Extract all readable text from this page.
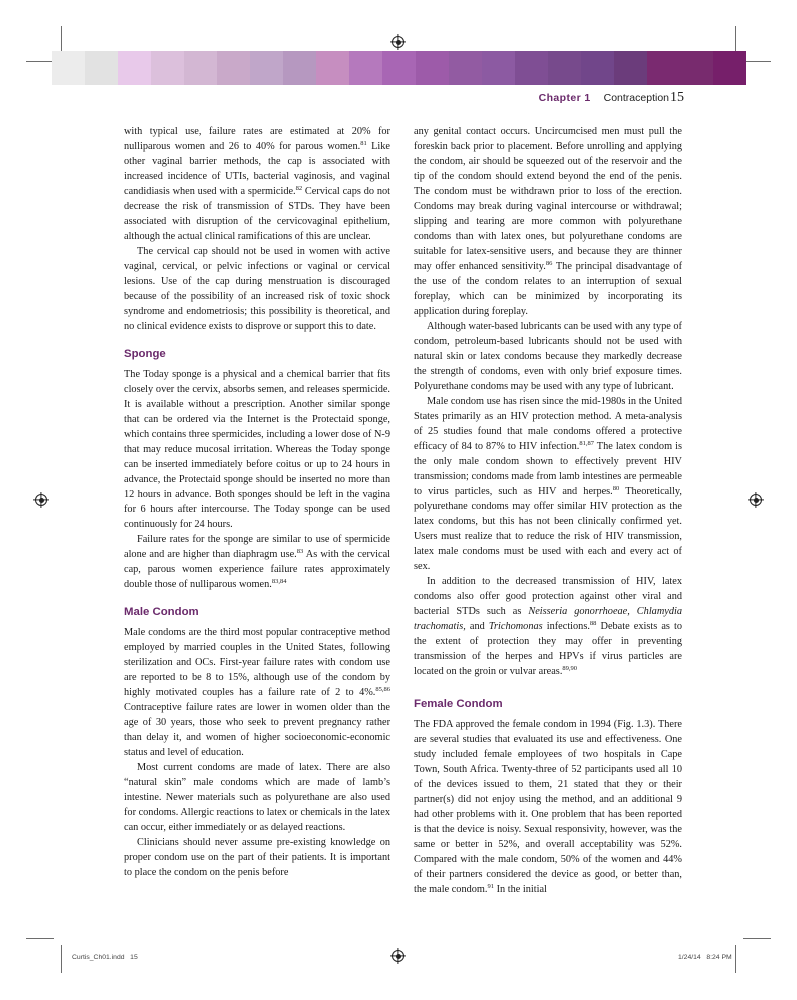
Chapter 1 Contraception 15

with typical use, failure rates are estimated at 20% for nulliparous women and 26 to 40% for parous women.$^{81}$ Like other vaginal barrier methods, the cap is associated with increased incidence of UTIs, bacterial vaginosis, and vaginal candidiasis when used with a spermicide.$^{82}$ Cervical caps do not decrease the risk of transmission of STDs. They have been associated with disruption of the cervicovaginal epithelium, although the actual clinical ramifications of this are unclear.

The cervical cap should not be used in women with active vaginal, cervical, or pelvic infections or vaginal or cervical lesions. Use of the cap during menstruation is discouraged because of the possibility of an increased risk of toxic shock syndrome and endometriosis; this possibility is theoretical, and no clinical evidence exists to disprove or support this to date.

Sponge

The Today sponge is a physical and a chemical barrier that fits closely over the cervix, absorbs semen, and releases spermicide. It is available without a prescription. Another similar sponge that can be ordered via the Internet is the Protectaid sponge, which contains three spermicides, including a lower dose of N-9 that may reduce mucosal irritation. Whereas the Today sponge can be inserted immediately before coitus or up to 24 hours in advance, the Protectaid sponge should be inserted no more than 12 hours in advance. Both sponges should be left in the vagina for 6 hours after intercourse. The Today sponge can be used continuously for 24 hours.

Failure rates for the sponge are similar to use of spermicide alone and are higher than diaphragm use.$^{83}$ As with the cervical cap, parous women experience failure rates approximately double those of nulliparous women.$^{83,84}$

Male Condom

Male condoms are the third most popular contraceptive method employed by married couples in the United States, following sterilization and OCs. First-year failure rates with condom use are reported to be 8 to 15%, although use of the condom by highly motivated couples has a failure rate of 2 to 4%.$^{85,86}$ Contraceptive failure rates are lower in women older than the age of 30 years, those who seek to prevent pregnancy rather than delay it, and women of higher socioeconomic-economic status and level of education.

Most current condoms are made of latex. There are also “natural skin” male condoms which are made of lamb’s intestine. Newer materials such as polyurethane are also used for condoms. Allergic reactions to latex or chemicals in the latex can occur, either immediately or as delayed reactions.

Clinicians should never assume pre-existing knowledge on proper condom use on the part of their patients. It is important to place the condom on the penis before

any genital contact occurs. Uncircumcised men must pull the foreskin back prior to placement. Before unrolling and applying the condom, air should be squeezed out of the reservoir and the tip of the condom should extend beyond the end of the penis. The condom must be withdrawn prior to loss of the erection. Condoms may break during vaginal intercourse or withdrawal; slipping and tearing are more common with polyurethane condoms than with latex ones, but polyurethane condoms are suitable for latex-sensitive users, and because they are thinner may offer enhanced sensitivity.$^{86}$ The principal disadvantage of the use of the condom relates to an interruption of sexual foreplay, which can be minimized by incorporating its application during foreplay.

Although water-based lubricants can be used with any type of condom, petroleum-based lubricants should not be used with natural skin or latex condoms because they markedly decrease the strength of condoms, even with only brief exposure times. Polyurethane condoms may be used with any type of lubricant.

Male condom use has risen since the mid-1980s in the United States primarily as an HIV protection method. A meta-analysis of 25 studies found that male condoms offered a protective efficacy of 84 to 87% to HIV infection.$^{81,87}$ The latex condom is the only male condom shown to effectively prevent HIV transmission; condoms made from lamb intestines are permeable to virus particles, such as HIV and herpes.$^{80}$ Theoretically, polyurethane condoms may offer similar HIV protection as the latex condoms, but this has not been clinically confirmed yet. Users must realize that to reduce the risk of HIV transmission, latex male condoms must be used with each and every act of sex.

In addition to the decreased transmission of HIV, latex condoms also offer good protection against other viral and bacterial STDs such as Neisseria gonorrhoeae, Chlamydia trachomatis, and Trichomonas infections.$^{88}$ Debate exists as to the extent of protection they may offer in preventing transmission of the herpes and HPVs if virus particles are located on the groin or vulvar areas.$^{89,90}$

Female Condom

The FDA approved the female condom in 1994 (Fig. 1.3). There are several studies that evaluated its use and effectiveness. One study included female employees of two hospitals in Cape Town, South Africa. Twenty-three of 52 participants used all 10 of the devices issued to them, 21 stated that they or their partner(s) did not enjoy using the method, and an additional 9 had other problems with it. One problem that has been reported is that the device is noisy. Sexual responsivity, however, was the same or better in 52%, and overall acceptability was 52%. Compared with the male condom, 50% of the women and 44% of their partners considered the device as good, or better than, the male condom.$^{91}$ In the initial

Curtis_Ch01.indd   15	1/24/14   8:24 PM
